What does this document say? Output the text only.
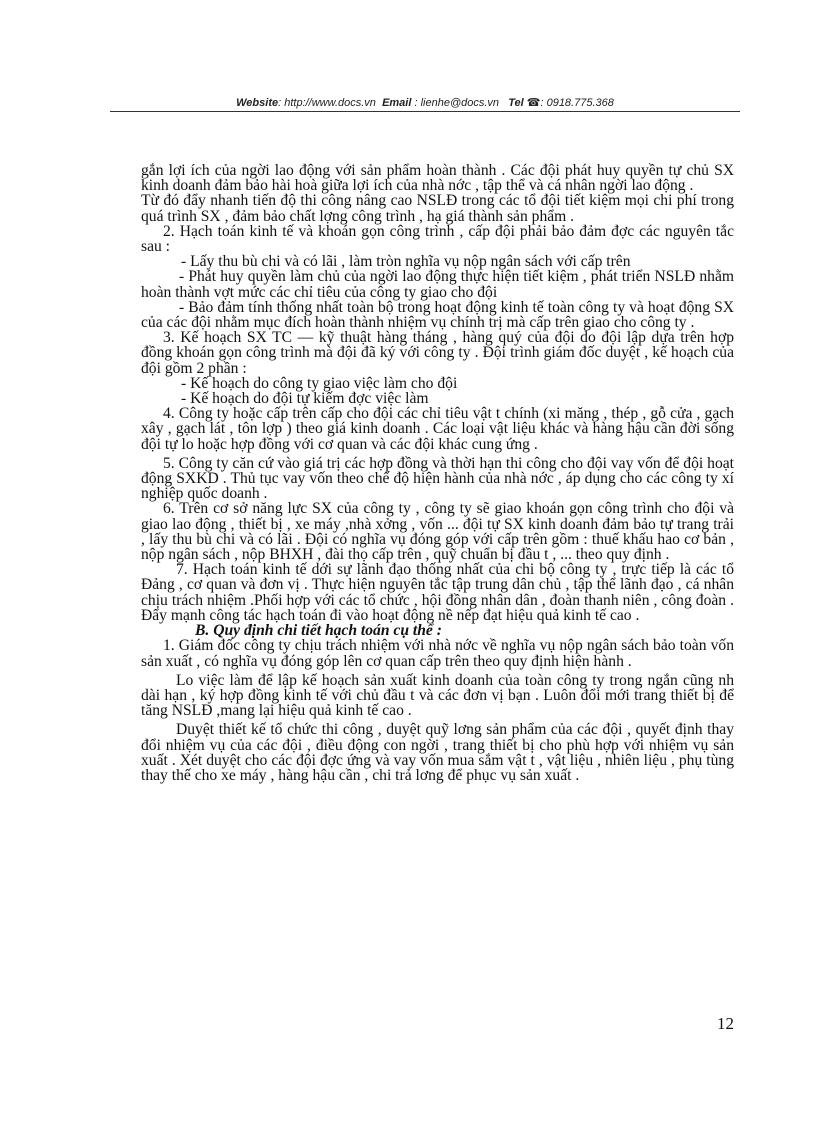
Website: http://www.docs.vn Email : lienhe@docs.vn Tel ☎: 0918.775.368

gắn lợi ích của ngời lao động với sản phẩm hoàn thành . Các đội phát huy quyền tự chủ SX kinh doanh đảm bảo hài hoà giữa lợi ích của nhà nớc , tập thể và cá nhân ngời lao động .

Từ đó đẩy nhanh tiến độ thi công nâng cao NSLĐ trong các tổ đội tiết kiệm mọi chi phí trong quá trình SX , đảm bảo chất lợng công trình , hạ giá thành sản phẩm .

2. Hạch toán kinh tế và khoán gọn công trình , cấp đội phải bảo đảm đợc các nguyên tắc sau :

- Lấy thu bù chi và có lãi , làm tròn nghĩa vụ nộp ngân sách với cấp trên

- Phát huy quyền làm chủ của ngời lao động thực hiện tiết kiệm , phát triển NSLĐ nhằm hoàn thành vợt mức các chỉ tiêu của công ty giao cho đội

- Bảo đảm tính thống nhất toàn bộ trong hoạt động kinh tế toàn công ty và hoạt động SX của các đội nhằm mục đích hoàn thành nhiệm vụ chính trị mà cấp trên giao cho công ty .

3. Kế hoạch SX TC — kỹ thuật hàng tháng , hàng quý của đội do đội lập dựa trên hợp đồng khoán gọn công trình mà đội đã ký với công ty . Đội trình giám đốc duyệt , kế hoạch của đội gồm 2 phần :

- Kế hoạch do công ty giao việc làm cho đội

- Kế hoạch do đội tự kiếm đợc việc làm

4. Công ty hoặc cấp trên cấp cho đội các chỉ tiêu vật t chính (xi măng , thép , gỗ cửa , gạch xây , gạch lát , tôn lợp ) theo giá kinh doanh . Các loại vật liệu khác và hàng hậu cần đời sống đội tự lo hoặc hợp đồng với cơ quan và các đội khác cung ứng .

5. Công ty căn cứ vào giá trị các hợp đồng và thời hạn thi công cho đội vay vốn để đội hoạt động SXKD . Thủ tục vay vốn theo chế độ hiện hành của nhà nớc , áp dụng cho các công ty xí nghiệp quốc doanh .

6. Trên cơ sở năng lực SX của công ty , công ty sẽ giao khoán gọn công trình cho đội và giao lao động , thiết bị , xe máy ,nhà xởng , vốn ... đội tự SX kinh doanh đảm bảo tự trang trải , lấy thu bù chi và có lãi . Đội có nghĩa vụ đóng góp với cấp trên gồm : thuế khấu hao cơ bản , nộp ngân sách , nộp BHXH , đài thọ cấp trên , quỹ chuẩn bị đầu t , ... theo quy định .

7. Hạch toán kinh tế dới sự lãnh đạo thống nhất của chi bộ công ty , trực tiếp là các tổ Đảng , cơ quan và đơn vị . Thực hiện nguyên tắc tập trung dân chủ , tập thể lãnh đạo , cá nhân chịu trách nhiệm .Phối hợp với các tổ chức , hội đồng nhân dân , đoàn thanh niên , công đoàn . Đẩy mạnh công tác hạch toán đi vào hoạt động nề nếp đạt hiệu quả kinh tế cao .

B. Quy định chi tiết hạch toán cụ thể :

1. Giám đốc công ty chịu trách nhiệm với nhà nớc về nghĩa vụ nộp ngân sách bảo toàn vốn sản xuất , có nghĩa vụ đóng góp lên cơ quan cấp trên theo quy định hiện hành .

Lo việc làm để lập kế hoạch sản xuất kinh doanh của toàn công ty trong ngắn cũng nh dài hạn , ký hợp đồng kinh tế với chủ đầu t và các đơn vị bạn . Luôn đổi mới trang thiết bị để tăng NSLĐ ,mang lại hiệu quả kinh tế cao .

Duyệt thiết kế tổ chức thi công , duyệt quỹ lơng sản phẩm của các đội , quyết định thay đổi nhiệm vụ của các đội , điều động con ngời , trang thiết bị cho phù hợp với nhiệm vụ sản xuất . Xét duyệt cho các đội đợc ứng và vay vốn mua sắm vật t , vật liệu , nhiên liệu , phụ tùng thay thế cho xe máy , hàng hậu cần , chi trả lơng để phục vụ sản xuất .

12
